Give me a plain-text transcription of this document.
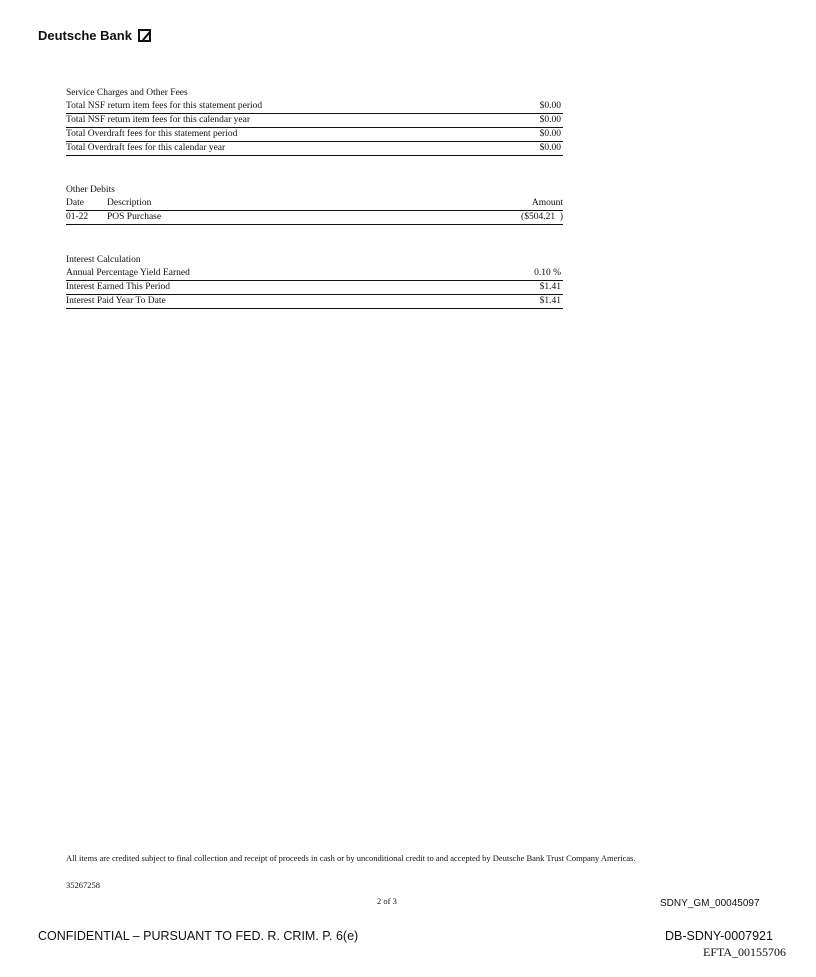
Deutsche Bank
Service Charges and Other Fees
Total NSF return item fees for this statement period	$0.00
Total NSF return item fees for this calendar year	$0.00
Total Overdraft fees for this statement period	$0.00
Total Overdraft fees for this calendar year	$0.00
Other Debits
Date	Description	Amount
01-22	POS Purchase	($504.21  )
Interest Calculation
Annual Percentage Yield Earned	0.10 %
Interest Earned This Period	$1.41
Interest Paid Year To Date	$1.41
All items are credited subject to final collection and receipt of proceeds in cash or by unconditional credit to and accepted by Deutsche Bank Trust Company Americas.
35267258
2 of 3	SDNY_GM_00045097
CONFIDENTIAL – PURSUANT TO FED. R. CRIM. P. 6(e)	DB-SDNY-0007921
EFTA_00155706
